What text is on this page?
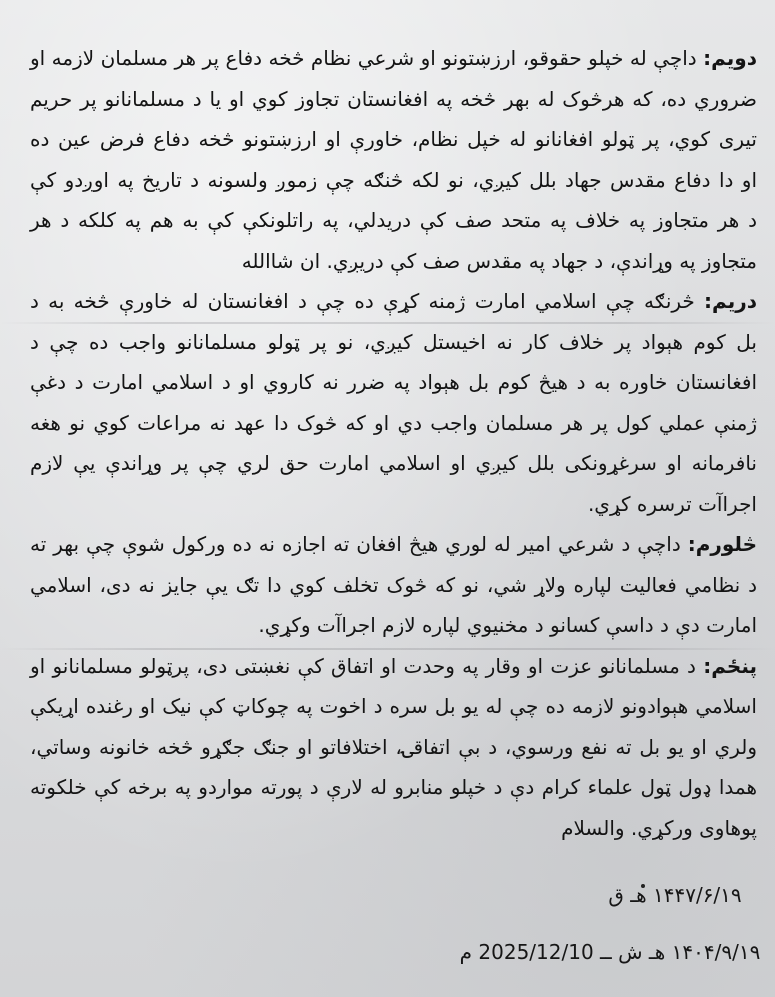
دویم: داچې له خپلو حقوقو، ارزښتونو او شرعي نظام څخه دفاع پر هر مسلمان لازمه او
ضروري ده، که هرڅوک له بهر څخه په افغانستان تجاوز کوي او یا د مسلمانانو پر حریم
تیری کوي، پر ټولو افغانانو له خپل نظام، خاورې او ارزښتونو څخه دفاع فرض عین ده
او دا دفاع مقدس جهاد بلل کیږي، نو لکه څنګه چې زموږ ولسونه د تاریخ په اوږدو کې
د هر متجاوز په خلاف په متحد صف کې دریدلي، په راتلونکې کې به هم په کلکه د هر
متجاوز په وړاندې، د جهاد په مقدس صف کې دریږي. ان شاالله
دریم: څرنګه چې اسلامي امارت ژمنه کړې ده چې د افغانستان له خاورې څخه به د
بل کوم هېواد پر خلاف کار نه اخیستل کیږي، نو پر ټولو مسلمانانو واجب ده چې د
افغانستان خاوره به د هیڅ کوم بل هېواد په ضرر نه کاروي او د اسلامي امارت د دغې
ژمنې عملي کول پر هر مسلمان واجب دي او که څوک دا عهد نه مراعات کوي نو هغه
نافرمانه او سرغړونکی بلل کیږي او اسلامي امارت حق لري چې پر وړاندې یې لازم
اجراآت ترسره کړي.
څلورم: داچې د شرعي امیر له لوري هیڅ افغان ته اجازه نه ده ورکول شوې چې بهر ته
د نظامي فعالیت لپاره ولاړ شي، نو که څوک تخلف کوي دا تګ یې جایز نه دی، اسلامي
امارت دې د داسې کسانو د مخنیوي لپاره لازم اجراآت وکړي.
پنځم: د مسلمانانو عزت او وقار په وحدت او اتفاق کې نغښتی دی، پرټولو مسلمانانو او
اسلامي هېوادونو لازمه ده چې له یو بل سره د اخوت په چوکاټ کې نیک او رغنده اړیکې
ولري او یو بل ته نفع ورسوي، د بې اتفاقۍ، اختلافاتو او جنګ جګړو څخه خانونه وساتي،
همدا ډول ټول علماء کرام دې د خپلو منابرو له لارې د پورته مواردو په برخه کې خلکوته
پوهاوی ورکړي. والسلام
۱۴۴۷/۶/۱۹ هـ ق
۱۴۰۴/۹/۱۹ هـ ش ــ 2025/12/10 م
